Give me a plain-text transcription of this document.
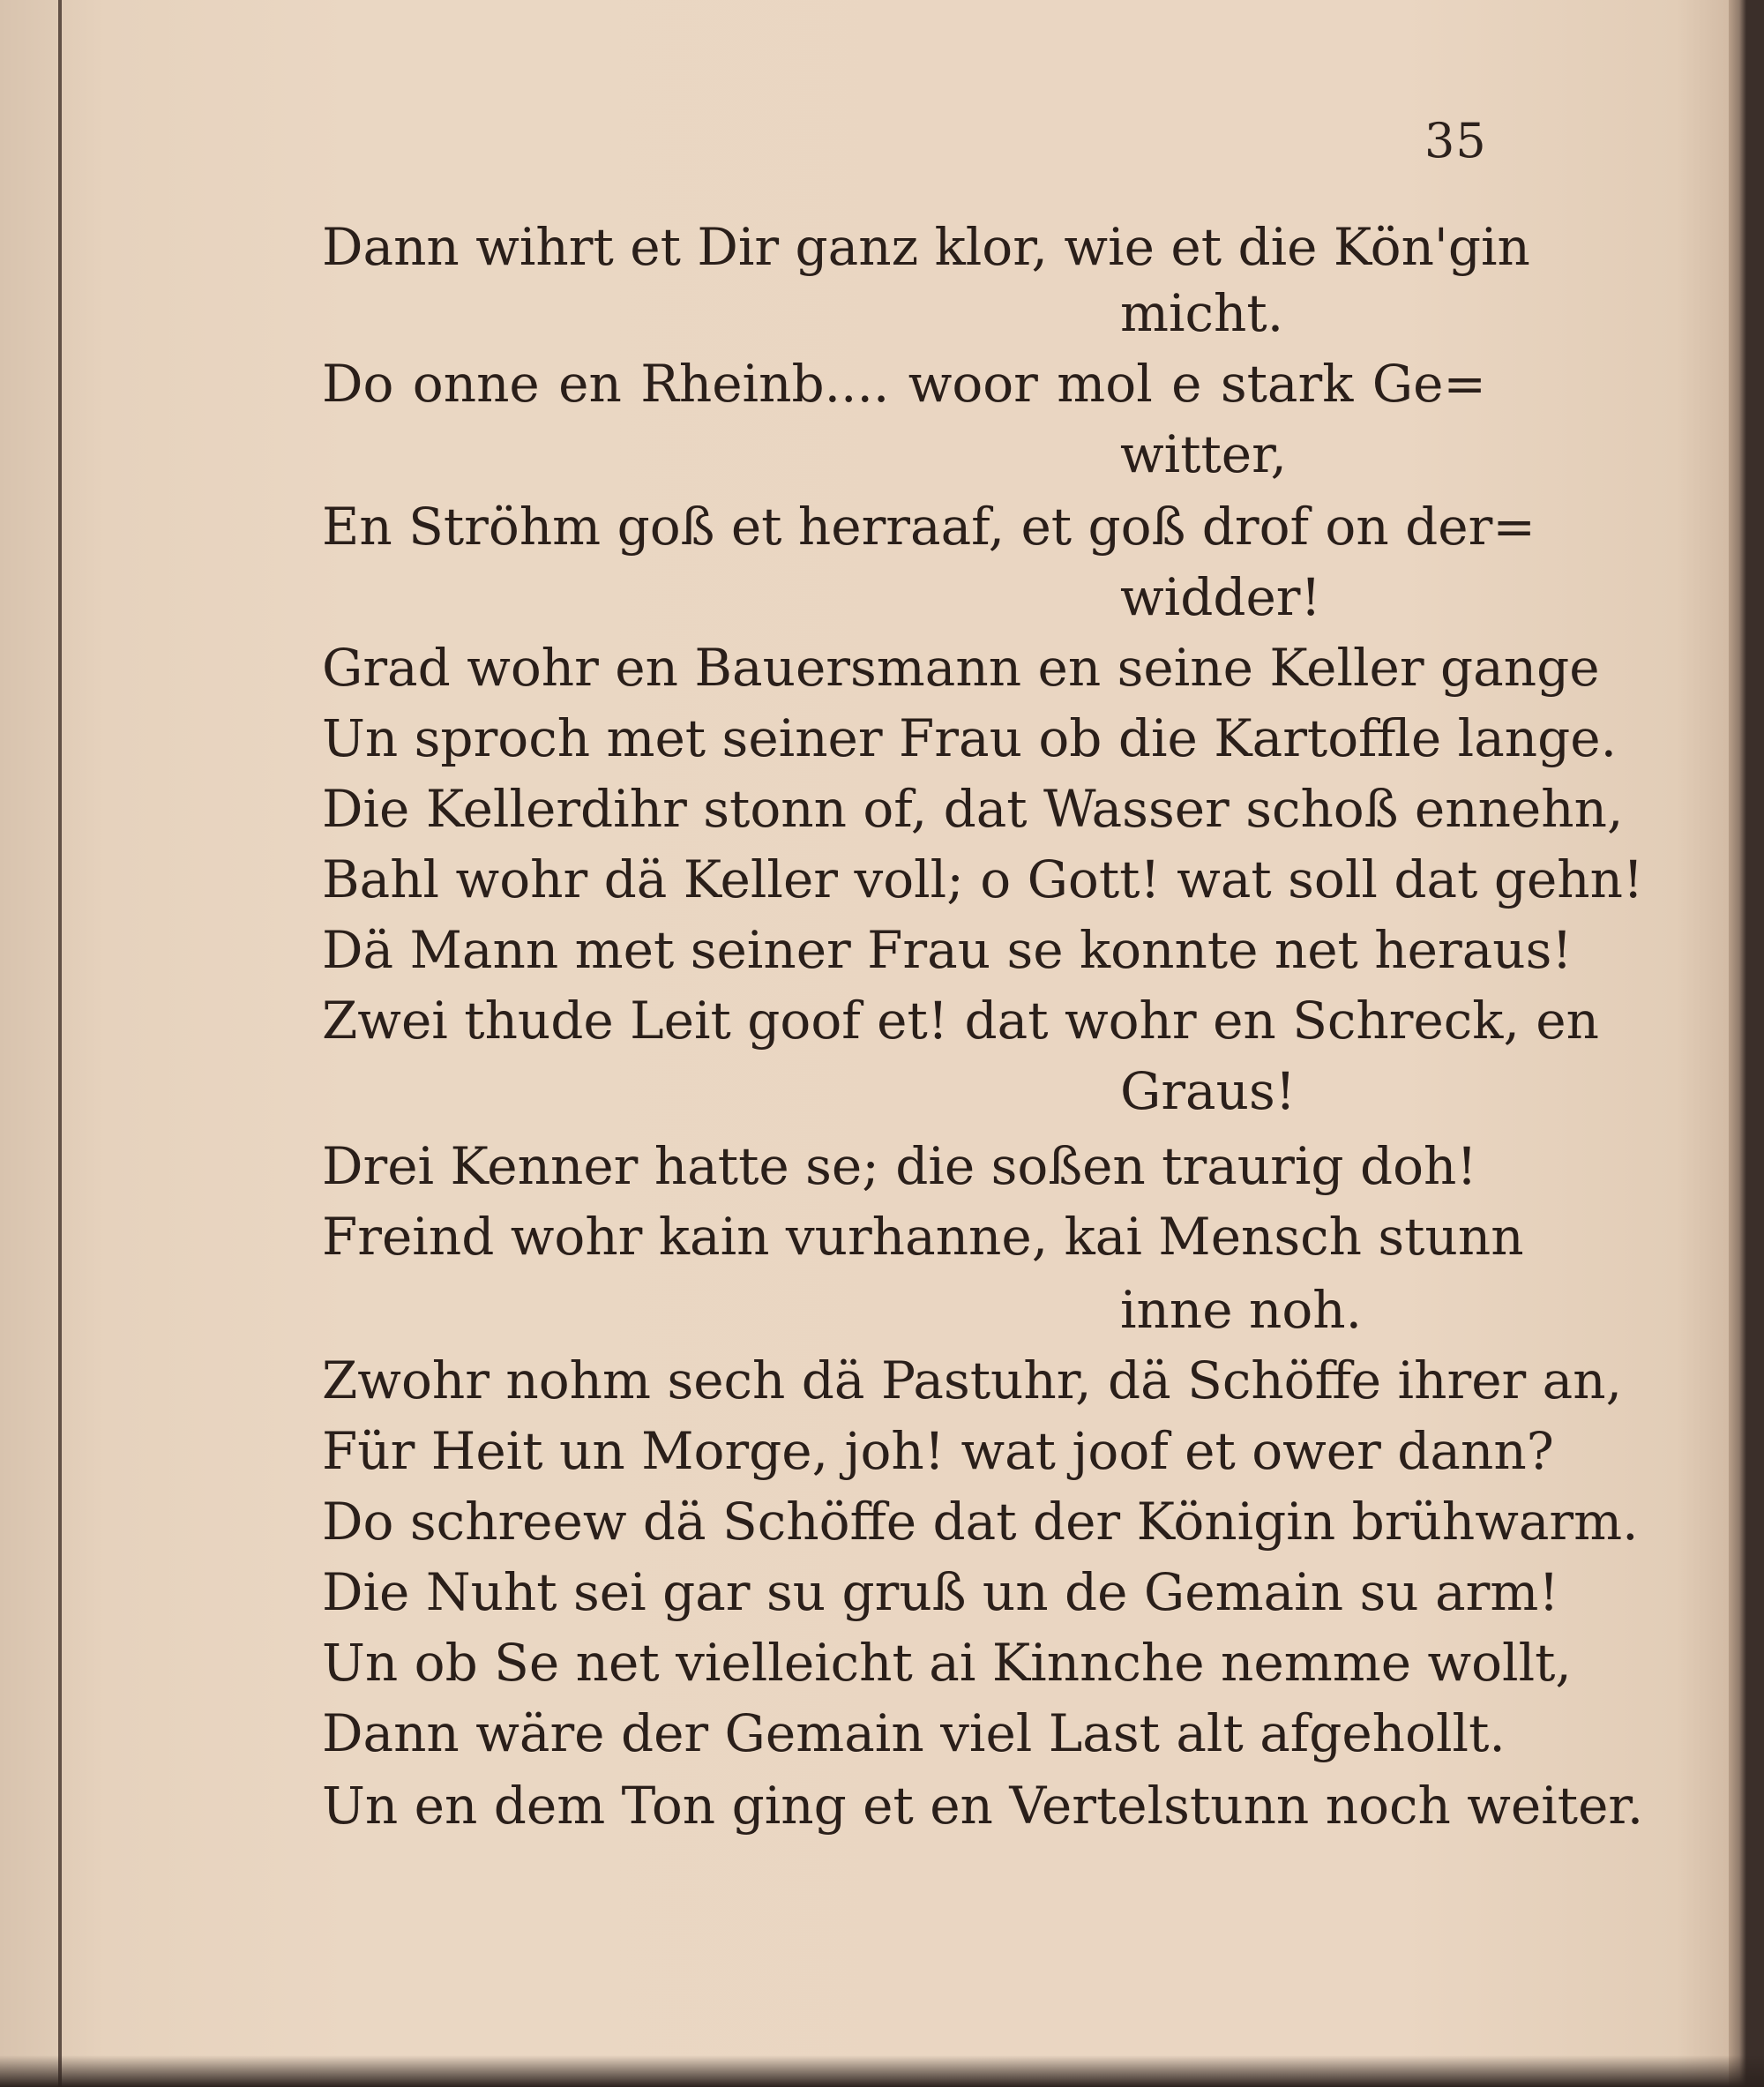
35
Dann wihrt et Dir ganz klor, wie et die Kön'gin
micht.
Do onne en Rheinb.... woor mol e stark Ge=
witter,
En Ströhm goß et herraaf, et goß drof on der=
widder!
Grad wohr en Bauersmann en seine Keller gange
Un sproch met seiner Frau ob die Kartoffle lange.
Die Kellerdihr stonn of, dat Wasser schoß ennehn,
Bahl wohr dä Keller voll; o Gott! wat soll dat gehn!
Dä Mann met seiner Frau se konnte net heraus!
Zwei thude Leit goof et! dat wohr en Schreck, en
Graus!
Drei Kenner hatte se; die soßen traurig doh!
Freind wohr kain vurhanne, kai Mensch stunn
inne noh.
Zwohr nohm sech dä Pastuhr, dä Schöffe ihrer an,
Für Heit un Morge, joh! wat joof et ower dann?
Do schreew dä Schöffe dat der Königin brühwarm.
Die Nuht sei gar su gruß un de Gemain su arm!
Un ob Se net vielleicht ai Kinnche nemme wollt,
Dann wäre der Gemain viel Last alt afgehollt.
Un en dem Ton ging et en Vertelstunn noch weiter.
